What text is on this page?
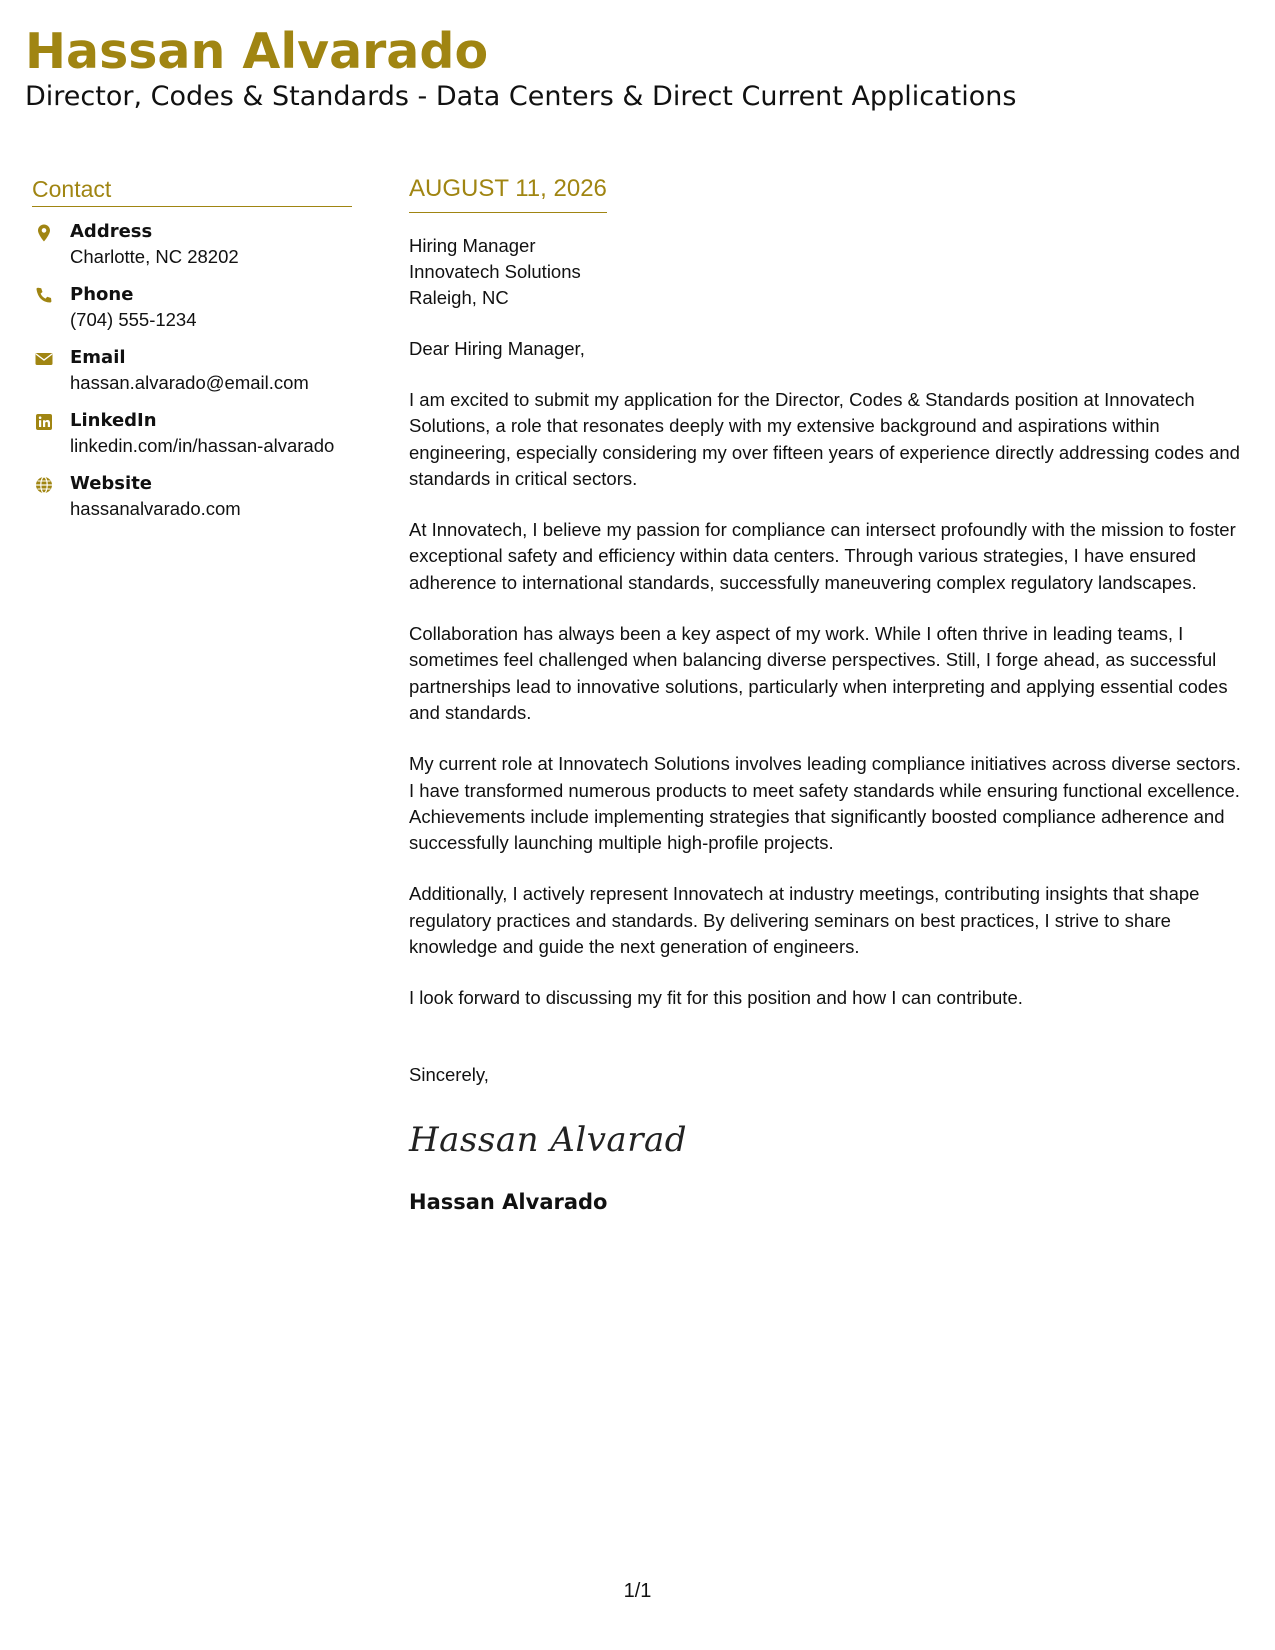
Hassan Alvarado
Director, Codes & Standards - Data Centers & Direct Current Applications
Contact
Address
Charlotte, NC 28202
Phone
(704) 555-1234
Email
hassan.alvarado@email.com
LinkedIn
linkedin.com/in/hassan-alvarado
Website
hassanalvarado.com
AUGUST 11, 2026
Hiring Manager
Innovatech Solutions
Raleigh, NC
Dear Hiring Manager,
I am excited to submit my application for the Director, Codes & Standards position at Innovatech Solutions, a role that resonates deeply with my extensive background and aspirations within engineering, especially considering my over fifteen years of experience directly addressing codes and standards in critical sectors.
At Innovatech, I believe my passion for compliance can intersect profoundly with the mission to foster exceptional safety and efficiency within data centers. Through various strategies, I have ensured adherence to international standards, successfully maneuvering complex regulatory landscapes.
Collaboration has always been a key aspect of my work. While I often thrive in leading teams, I sometimes feel challenged when balancing diverse perspectives. Still, I forge ahead, as successful partnerships lead to innovative solutions, particularly when interpreting and applying essential codes and standards.
My current role at Innovatech Solutions involves leading compliance initiatives across diverse sectors. I have transformed numerous products to meet safety standards while ensuring functional excellence. Achievements include implementing strategies that significantly boosted compliance adherence and successfully launching multiple high-profile projects.
Additionally, I actively represent Innovatech at industry meetings, contributing insights that shape regulatory practices and standards. By delivering seminars on best practices, I strive to share knowledge and guide the next generation of engineers.
I look forward to discussing my fit for this position and how I can contribute.
Sincerely,
Hassan Alvarad
Hassan Alvarado
1/1
